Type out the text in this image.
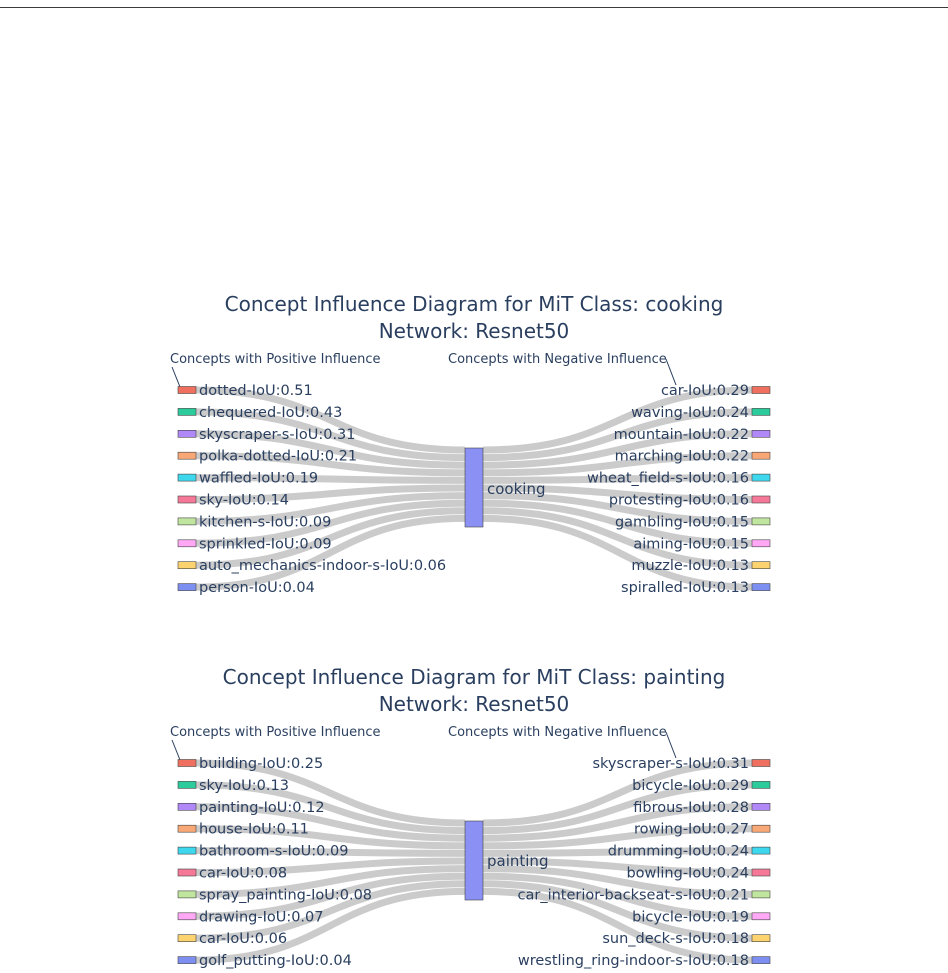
Concept Influence Diagram for MiT Class: cooking
Network: Resnet50
Concepts with Positive Influence	Concepts with Negative Influence
dotted-IoU:0.51
chequered-IoU:0.43
skyscraper-s-IoU:0.31
polka-dotted-IoU:0.21
waffled-IoU:0.19
sky-IoU:0.14
kitchen-s-IoU:0.09
sprinkled-IoU:0.09
auto_mechanics-indoor-s-IoU:0.06
person-IoU:0.04
car-IoU:0.29
waving-IoU:0.24
mountain-IoU:0.22
marching-IoU:0.22
wheat_field-s-IoU:0.16
protesting-IoU:0.16
gambling-IoU:0.15
aiming-IoU:0.15
muzzle-IoU:0.13
spiralled-IoU:0.13
cooking
Concept Influence Diagram for MiT Class: painting
Network: Resnet50
Concepts with Positive Influence	Concepts with Negative Influence
building-IoU:0.25
sky-IoU:0.13
painting-IoU:0.12
house-IoU:0.11
bathroom-s-IoU:0.09
car-IoU:0.08
spray_painting-IoU:0.08
drawing-IoU:0.07
car-IoU:0.06
golf_putting-IoU:0.04
skyscraper-s-IoU:0.31
bicycle-IoU:0.29
fibrous-IoU:0.28
rowing-IoU:0.27
drumming-IoU:0.24
bowling-IoU:0.24
car_interior-backseat-s-IoU:0.21
bicycle-IoU:0.19
sun_deck-s-IoU:0.18
wrestling_ring-indoor-s-IoU:0.18
painting
